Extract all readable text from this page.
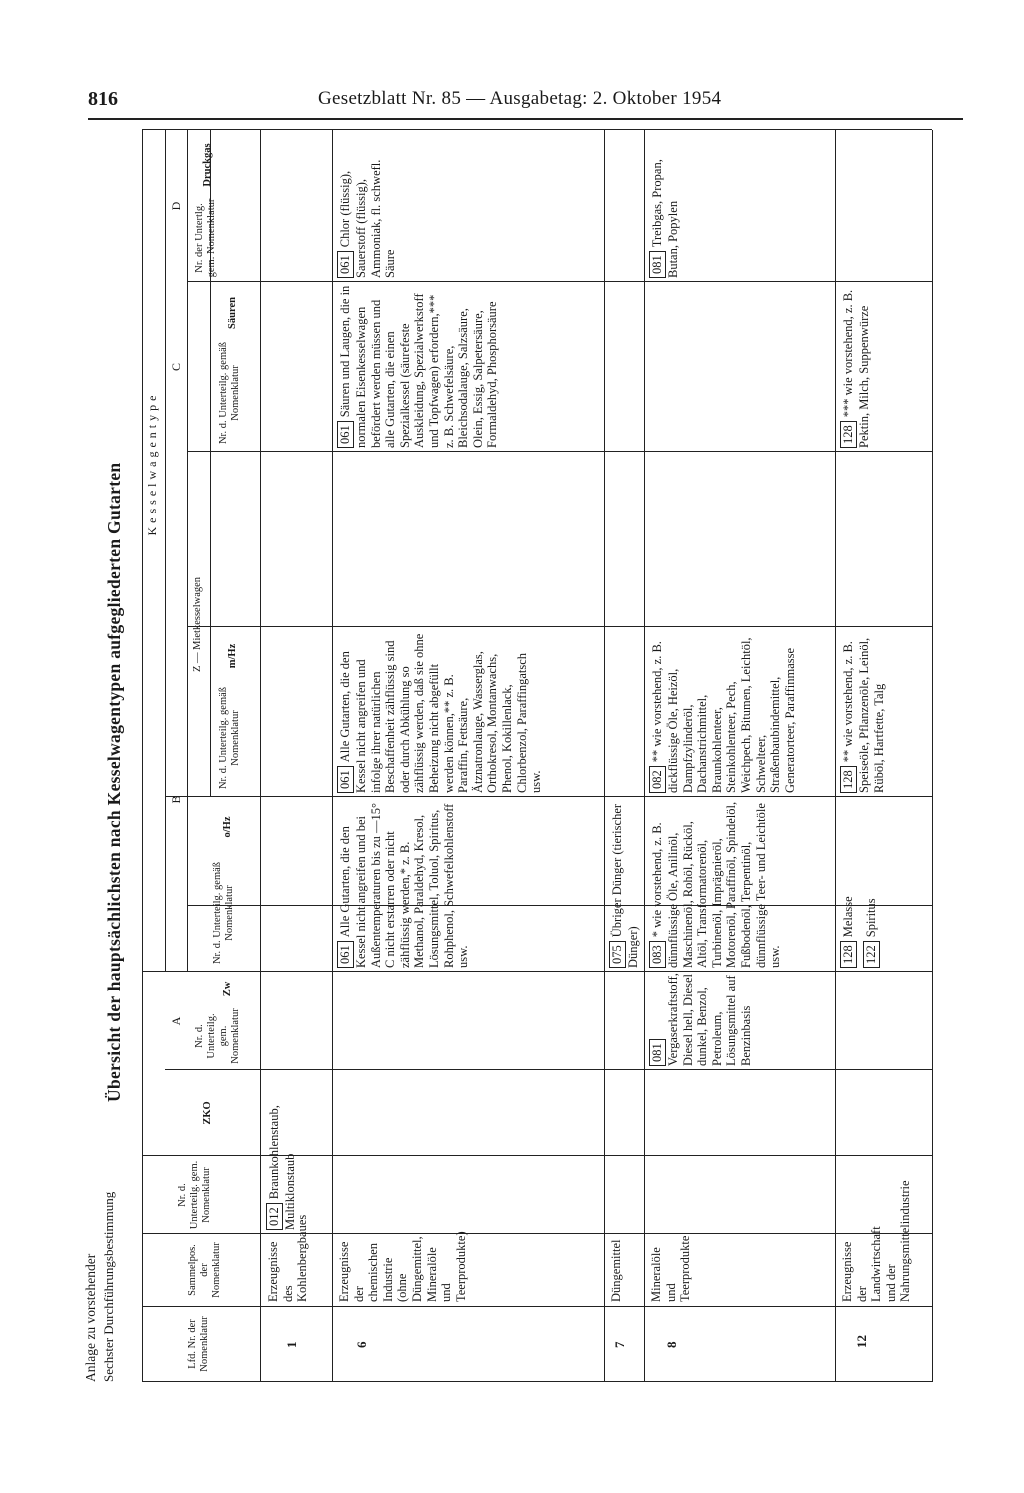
816	Gesetzblatt Nr. 85 — Ausgabetag: 2. Oktober 1954
Anlage zu vorstehender Sechster Durchführungsbestimmung
Übersicht der hauptsächlichsten nach Kesselwagentypen aufgegliederten Gutarten
Lfd. Nr. der Nomenklatur
Sammelpos. der Nomenklatur
Nr. d. Unterteilg. gem. Nomenklatur
ZKO
Kesselwagentype
A
Nr. d. Unterteilg. gem. Nomenklatur
Zw
B
Nr. d. Unterteilg. gemäß Nomenklatur
o/Hz
Z — Mietkesselwagen
Nr. d. Unterteilg. gemäß Nomenklatur
m/Hz
C	Nr. d. Unterteilg. gemäß Nomenklatur
Säuren
D Nr. der Untertlg. gem. Nomenklatur
Druckgas
1
Erzeugnisse des Kohlenbergbaues
012Braunkohlenstaub, Multiklonstaub
6
Erzeugnisse der chemischen Industrie (ohne Düngemittel, Mineralöle und Teerprodukte)
061Alle Gutarten, die den Kessel nicht angreifen und bei Außentemperaturen bis zu —15° C nicht erstarren oder nicht zähflüssig werden,* z. B. Methanol, Paraldehyd, Kresol, Lösungsmittel, Toluol, Spiritus, Rohphenol, Schwefelkohlenstoff usw.
061Alle Gutarten, die den Kessel nicht angreifen und infolge ihrer natürlichen Beschaffenheit zähflüssig sind oder durch Abkühlung so zähflüssig werden, daß sie ohne Beheizung nicht abgefüllt werden können,** z. B. Paraffin, Fettsäure, Ätznatronlauge, Wasserglas, Orthokresol, Montanwachs, Phenol, Kokillenlack, Chlorbenzol, Paraffingatsch usw.
061Säuren und Laugen, die in normalen Eisenkesselwagen befördert werden müssen und alle Gutarten, die einen Spezialkessel (säurefeste Auskleidung, Spezialwerkstoff und Topfwagen) erfordern,*** z. B. Schwefelsäure, Bleichsodalauge, Salzsäure, Olein, Essig, Salpetersäure, Formaldehyd, Phosphorsäure
061Chlor (flüssig), Sauerstoff (flüssig), Ammoniak, fl. schwefl. Säure
7
Düngemittel
075Übriger Dünger (tierischer Dünger)
8
Mineralöle und Teerprodukte
081 Vergaserkraftstoff, Diesel hell, Diesel dunkel, Benzol, Petroleum, Lösungsmittel auf Benzinbasis
083* wie vorstehend, z. B. dünnflüssige Öle, Anilinöl, Maschinenöl, Rohöl, Rücköl, Altöl, Transformatorenöl, Turbinenöl, Imprägnieröl, Motorenöl, Paraffinöl, Spindelöl, Fußbodenöl, Terpentinöl, dünnflüssige Teer- und Leichtöle usw.
082** wie vorstehend, z. B. dickflüssige Öle, Heizöl, Dampfzylinderöl, Dachanstrichmittel, Braunkohlenteer, Steinkohlenteer, Pech, Weichpech, Bitumen, Leichtöl, Schwelteer, Straßenbaubindemittel, Generatorteer, Paraffinmasse
081Treibgas, Propan, Butan, Popylen
12
Erzeugnisse der Landwirtschaft und der Nahrungsmittelindustrie
128Melasse
122Spiritus
128** wie vorstehend, z. B. Speiseöle, Pflanzenöle, Leinöl, Rüböl, Hartfette, Talg
128*** wie vorstehend, z. B. Pektin, Milch, Suppenwürze
